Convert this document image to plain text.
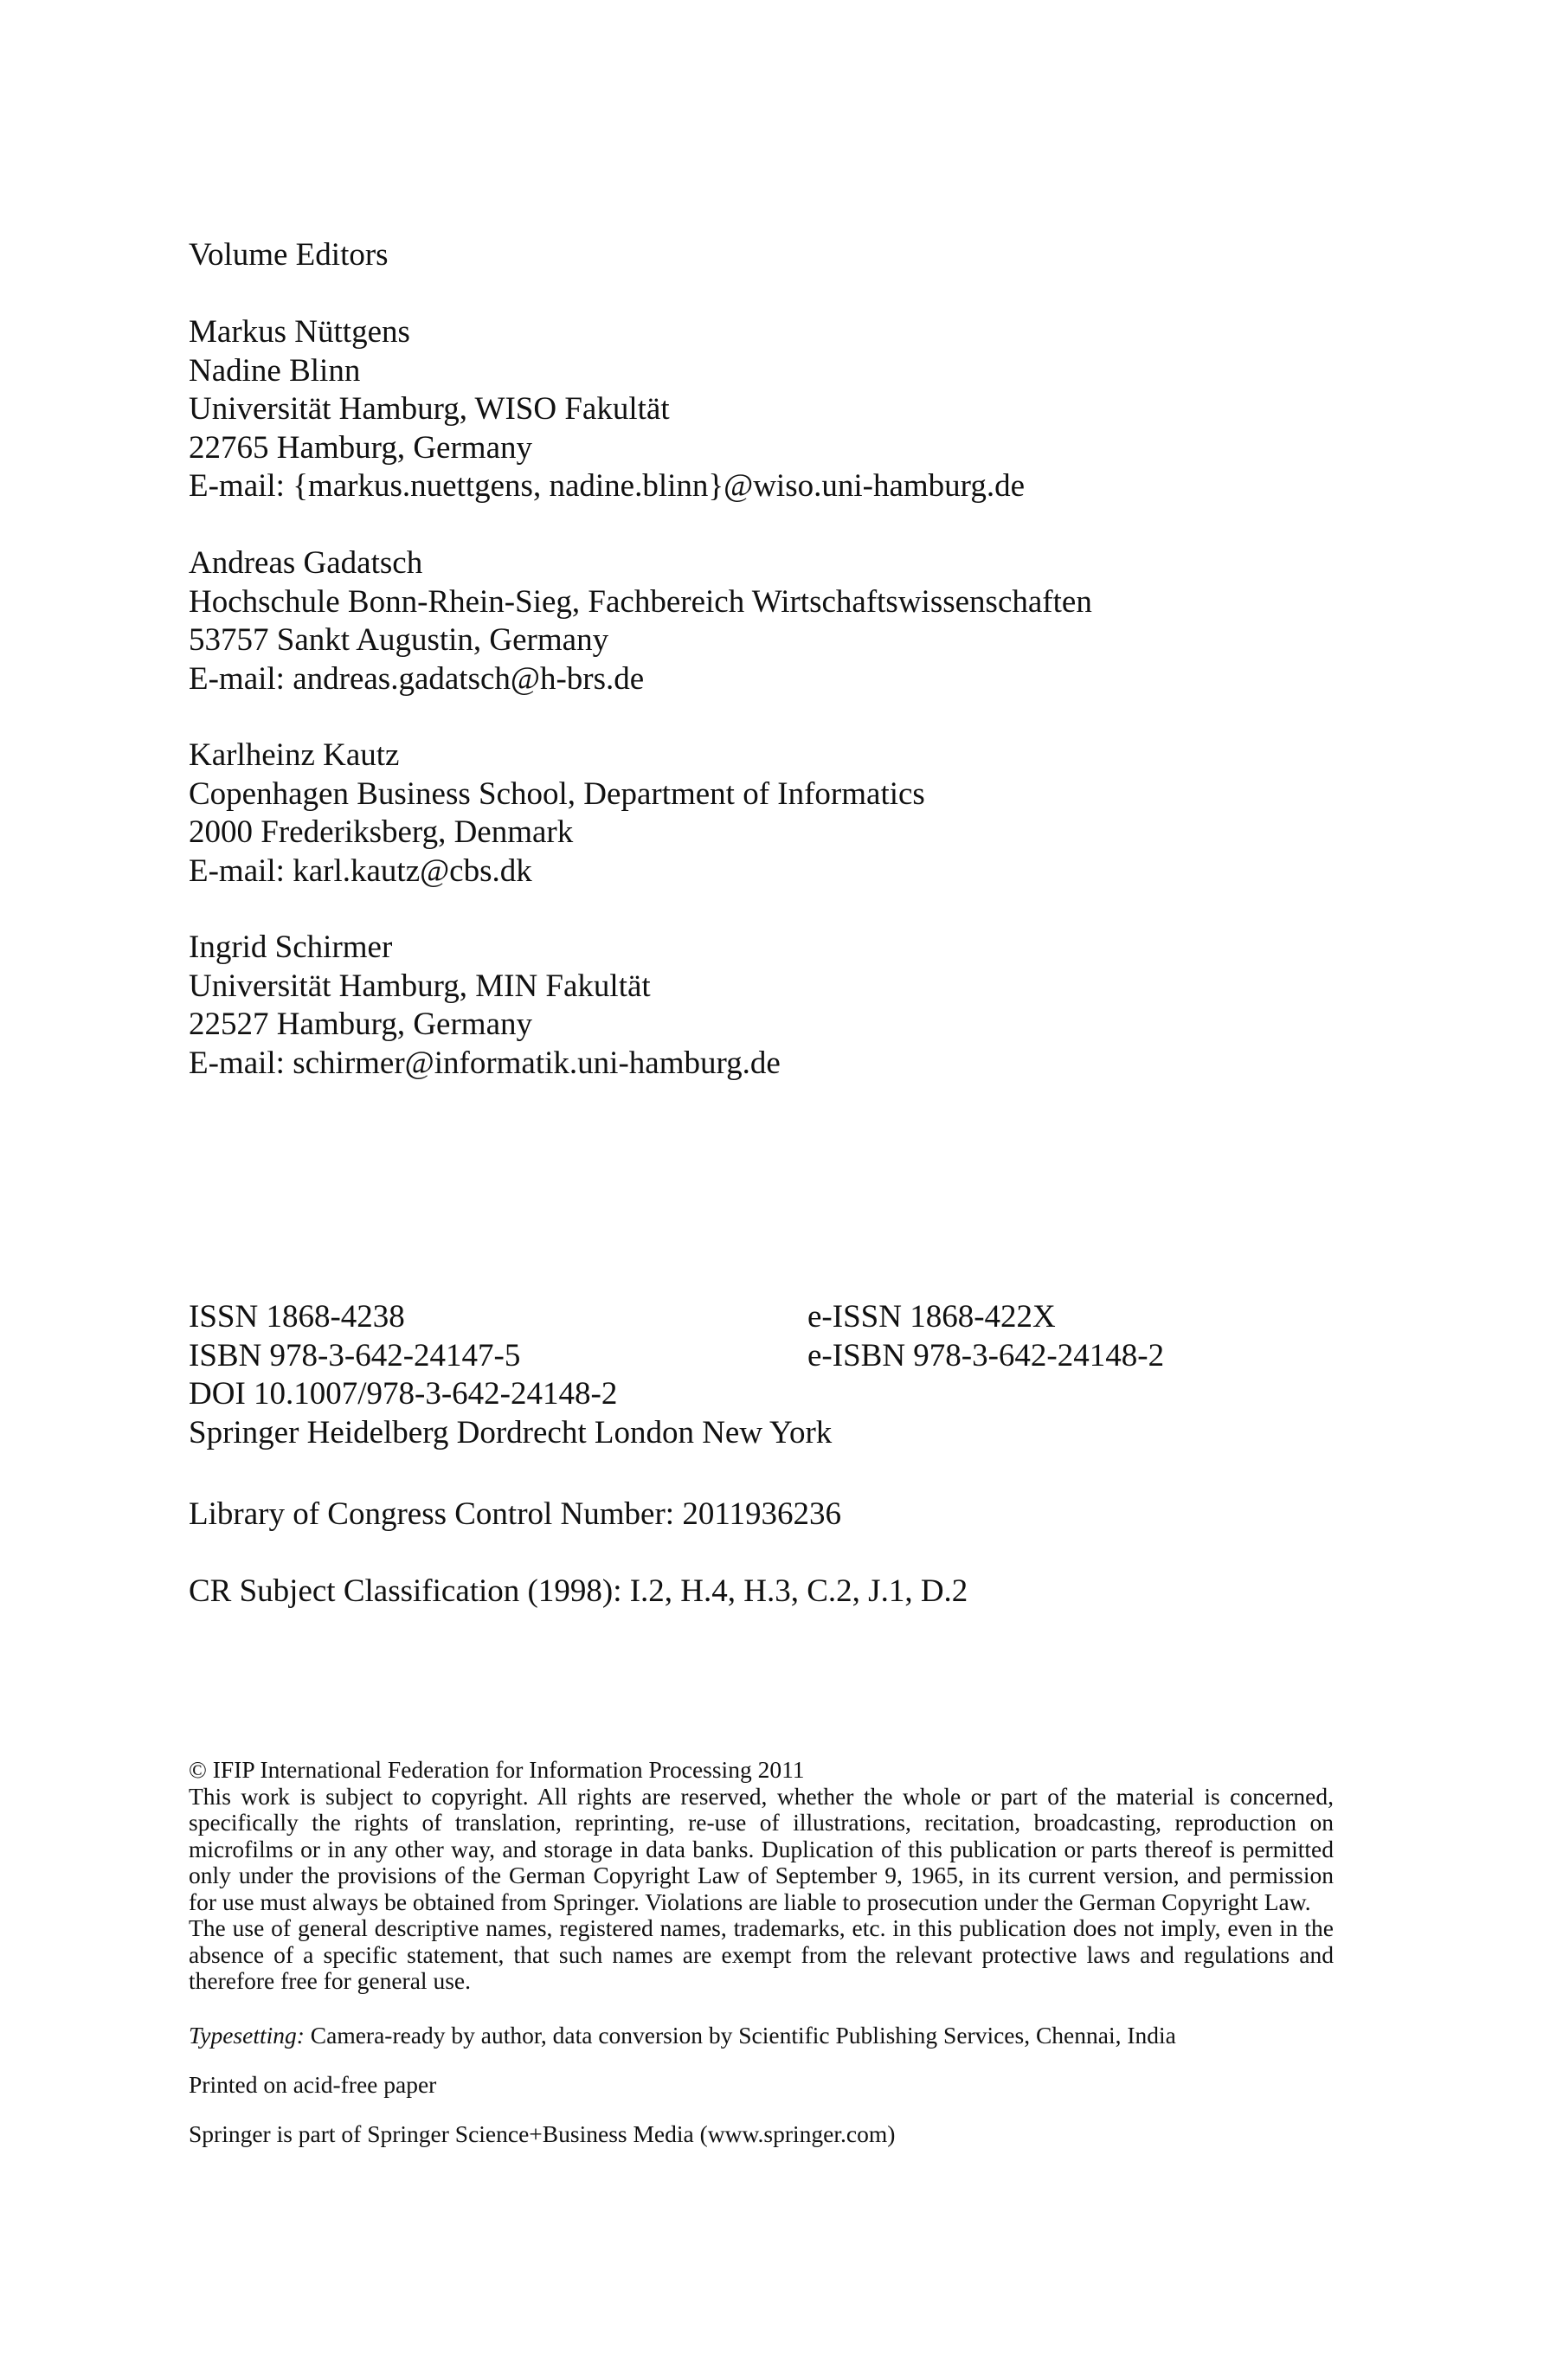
Volume Editors
Markus Nüttgens
Nadine Blinn
Universität Hamburg, WISO Fakultät
22765 Hamburg, Germany
E-mail: {markus.nuettgens, nadine.blinn}@wiso.uni-hamburg.de
Andreas Gadatsch
Hochschule Bonn-Rhein-Sieg, Fachbereich Wirtschaftswissenschaften
53757 Sankt Augustin, Germany
E-mail: andreas.gadatsch@h-brs.de
Karlheinz Kautz
Copenhagen Business School, Department of Informatics
2000 Frederiksberg, Denmark
E-mail: karl.kautz@cbs.dk
Ingrid Schirmer
Universität Hamburg, MIN Fakultät
22527 Hamburg, Germany
E-mail: schirmer@informatik.uni-hamburg.de
ISSN 1868-4238	e-ISSN 1868-422X
ISBN 978-3-642-24147-5	e-ISBN 978-3-642-24148-2
DOI 10.1007/978-3-642-24148-2
Springer Heidelberg Dordrecht London New York
Library of Congress Control Number: 2011936236
CR Subject Classification (1998): I.2, H.4, H.3, C.2, J.1, D.2
© IFIP International Federation for Information Processing 2011
This work is subject to copyright. All rights are reserved, whether the whole or part of the material is concerned, specifically the rights of translation, reprinting, re-use of illustrations, recitation, broadcasting, reproduction on microfilms or in any other way, and storage in data banks. Duplication of this publication or parts thereof is permitted only under the provisions of the German Copyright Law of September 9, 1965, in its current version, and permission for use must always be obtained from Springer. Violations are liable to prosecution under the German Copyright Law.
The use of general descriptive names, registered names, trademarks, etc. in this publication does not imply, even in the absence of a specific statement, that such names are exempt from the relevant protective laws and regulations and therefore free for general use.
Typesetting: Camera-ready by author, data conversion by Scientific Publishing Services, Chennai, India
Printed on acid-free paper
Springer is part of Springer Science+Business Media (www.springer.com)
